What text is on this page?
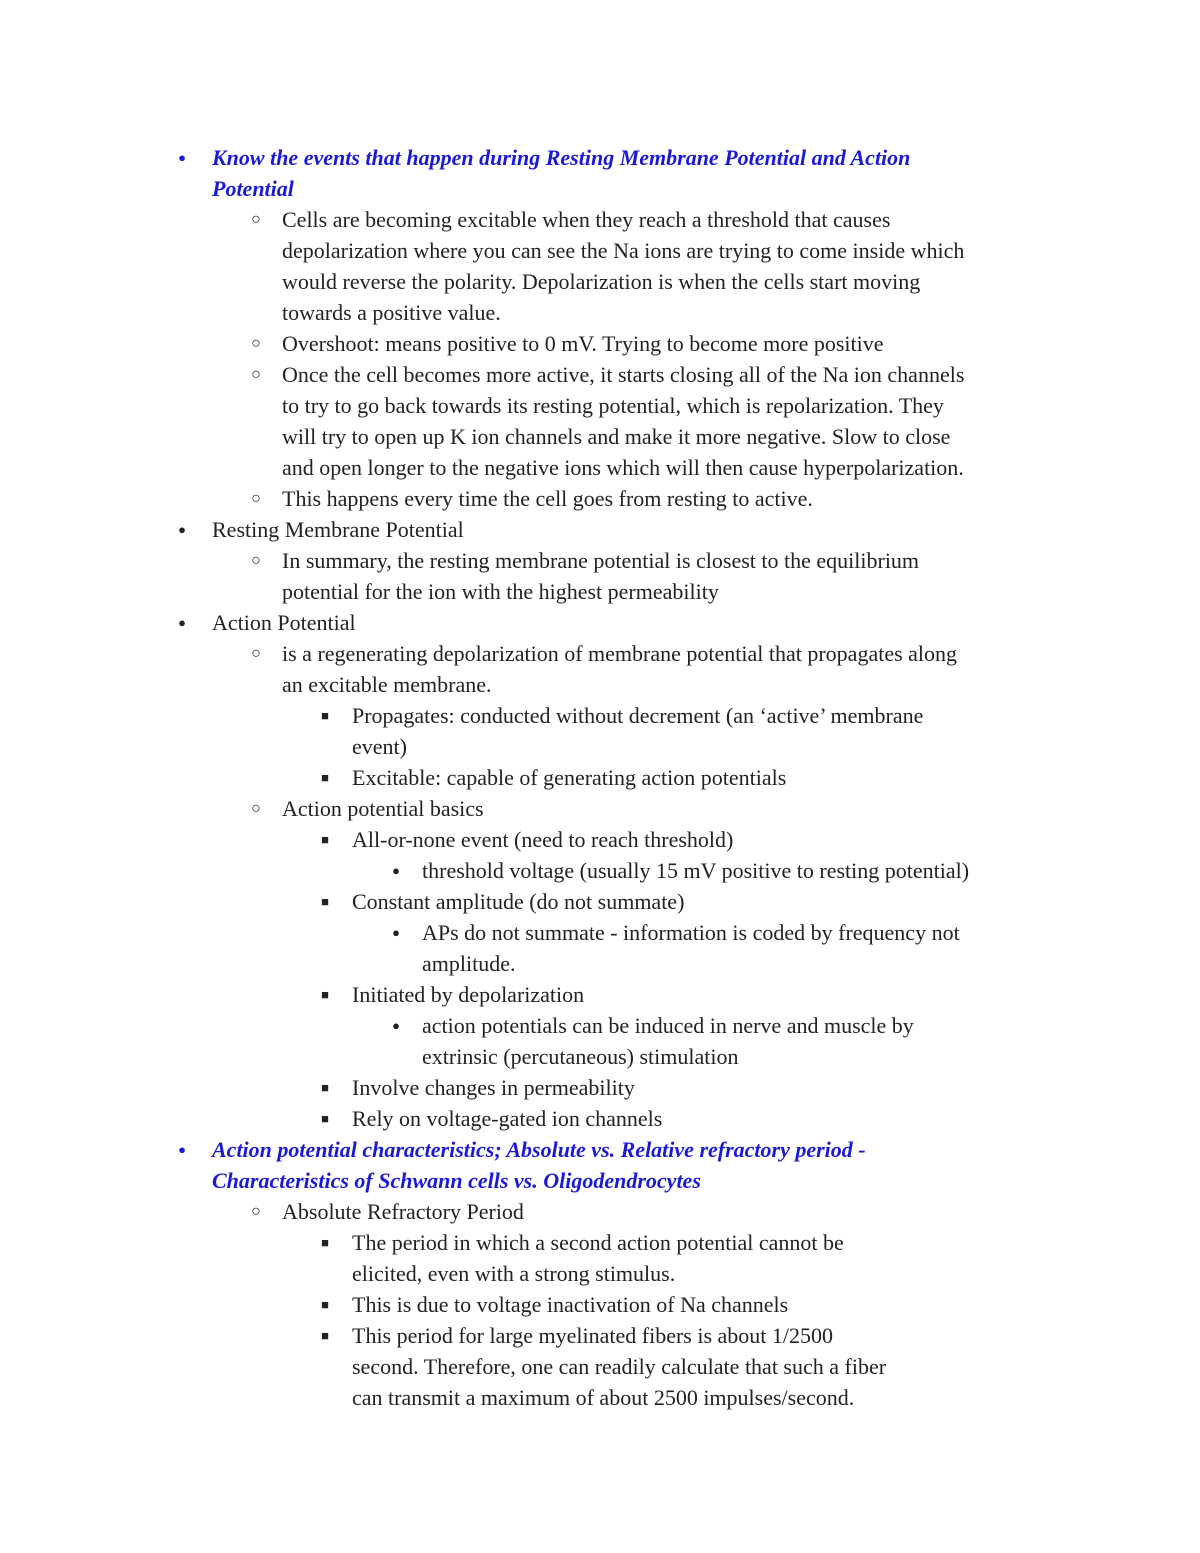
●
Know the events that happen during Resting Membrane Potential and Action
Potential
○
Cells are becoming excitable when they reach a threshold that causes
depolarization where you can see the Na ions are trying to come inside which
would reverse the polarity. Depolarization is when the cells start moving
towards a positive value.
○
Overshoot: means positive to 0 mV. Trying to become more positive
○
Once the cell becomes more active, it starts closing all of the Na ion channels
to try to go back towards its resting potential, which is repolarization. They
will try to open up K ion channels and make it more negative. Slow to close
and open longer to the negative ions which will then cause hyperpolarization.
○
This happens every time the cell goes from resting to active.
●
Resting Membrane Potential
○
In summary, the resting membrane potential is closest to the equilibrium
potential for the ion with the highest permeability
●
Action Potential
○
is a regenerating depolarization of membrane potential that propagates along
an excitable membrane.
■
Propagates: conducted without decrement (an ‘active’ membrane
event)
■
Excitable: capable of generating action potentials
○
Action potential basics
■
All-or-none event (need to reach threshold)
●
threshold voltage (usually 15 mV positive to resting potential)
■
Constant amplitude (do not summate)
●
APs do not summate - information is coded by frequency not
amplitude.
■
Initiated by depolarization
●
action potentials can be induced in nerve and muscle by
extrinsic (percutaneous) stimulation
■
Involve changes in permeability
■
Rely on voltage-gated ion channels
●
Action potential characteristics; Absolute vs. Relative refractory period -
Characteristics of Schwann cells vs. Oligodendrocytes
○
Absolute Refractory Period
■
The period in which a second action potential cannot be
elicited, even with a strong stimulus.
■
This is due to voltage inactivation of Na channels
■
This period for large myelinated fibers is about 1/2500
second. Therefore, one can readily calculate that such a fiber
can transmit a maximum of about 2500 impulses/second.
